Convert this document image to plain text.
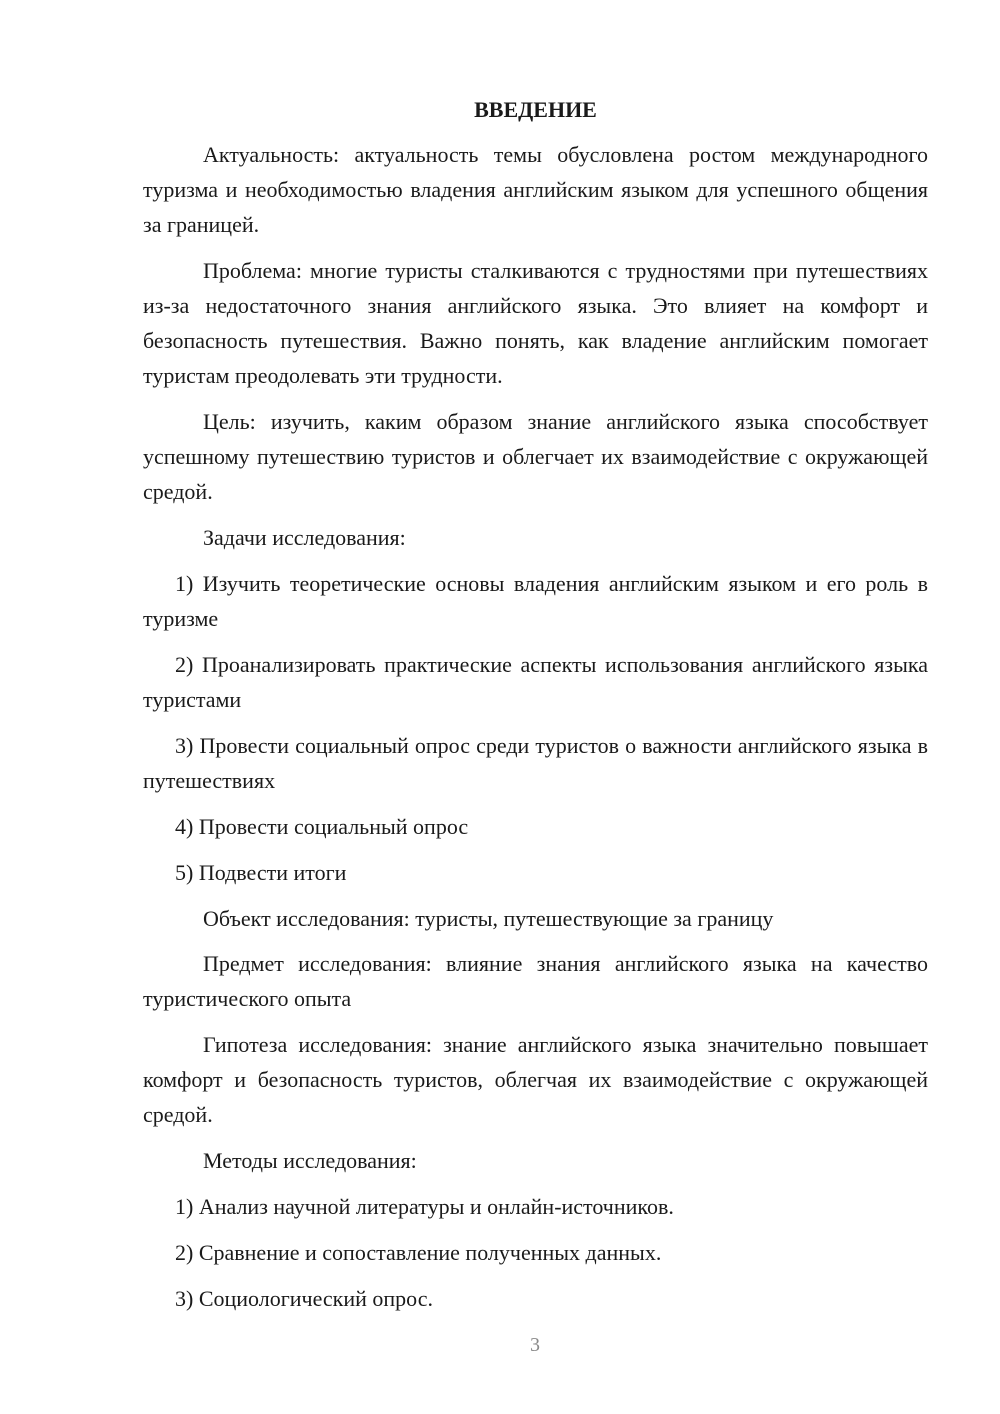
ВВЕДЕНИЕ
Актуальность: актуальность темы обусловлена ростом международного туризма и необходимостью владения английским языком для успешного общения за границей.
Проблема: многие туристы сталкиваются с трудностями при путешествиях из-за недостаточного знания английского языка. Это влияет на комфорт и безопасность путешествия. Важно понять, как владение английским помогает туристам преодолевать эти трудности.
Цель: изучить, каким образом знание английского языка способствует успешному путешествию туристов и облегчает их взаимодействие с окружающей средой.
Задачи исследования:
1) Изучить теоретические основы владения английским языком и его роль в туризме
2) Проанализировать практические аспекты использования английского языка туристами
3) Провести социальный опрос среди туристов о важности английского языка в путешествиях
4) Провести социальный опрос
5) Подвести итоги
Объект исследования: туристы, путешествующие за границу
Предмет исследования: влияние знания английского языка на качество туристического опыта
Гипотеза исследования: знание английского языка значительно повышает комфорт и безопасность туристов, облегчая их взаимодействие с окружающей средой.
Методы исследования:
1) Анализ научной литературы и онлайн-источников.
2) Сравнение и сопоставление полученных данных.
3) Социологический опрос.
3
